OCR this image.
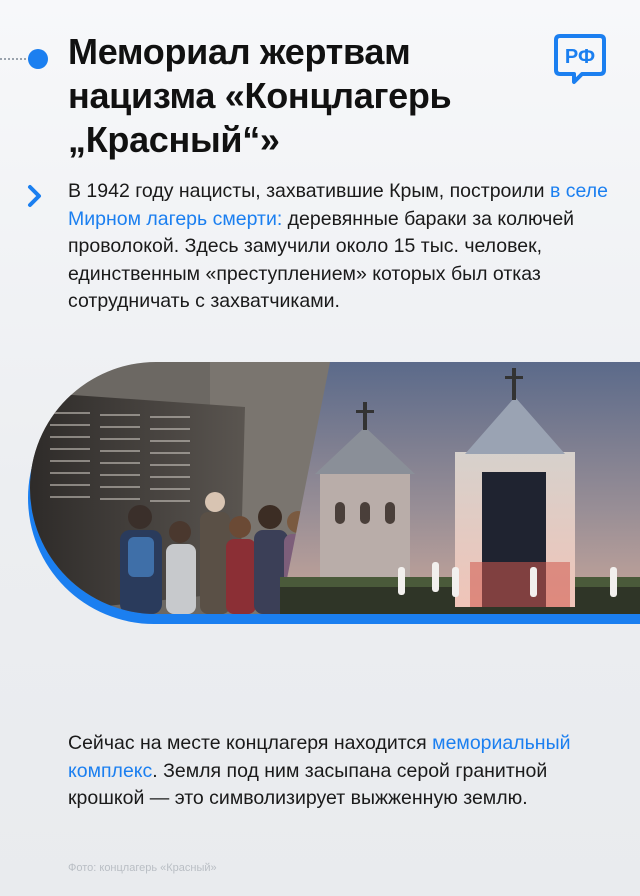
Мемориал жертвам нацизма «Концлагерь „Красный“»
РФ

В 1942 году нацисты, захватившие Крым, построили в селе Мирном лагерь смерти: деревянные бараки за колючей проволокой. Здесь замучили около 15 тыс. человек, единственным «преступлением» которых был отказ сотрудничать с захватчиками.

Сейчас на месте концлагеря находится мемориальный комплекс. Земля под ним засыпана серой гранитной крошкой — это символизирует выжженную землю.

Фото: концлагерь «Красный»
